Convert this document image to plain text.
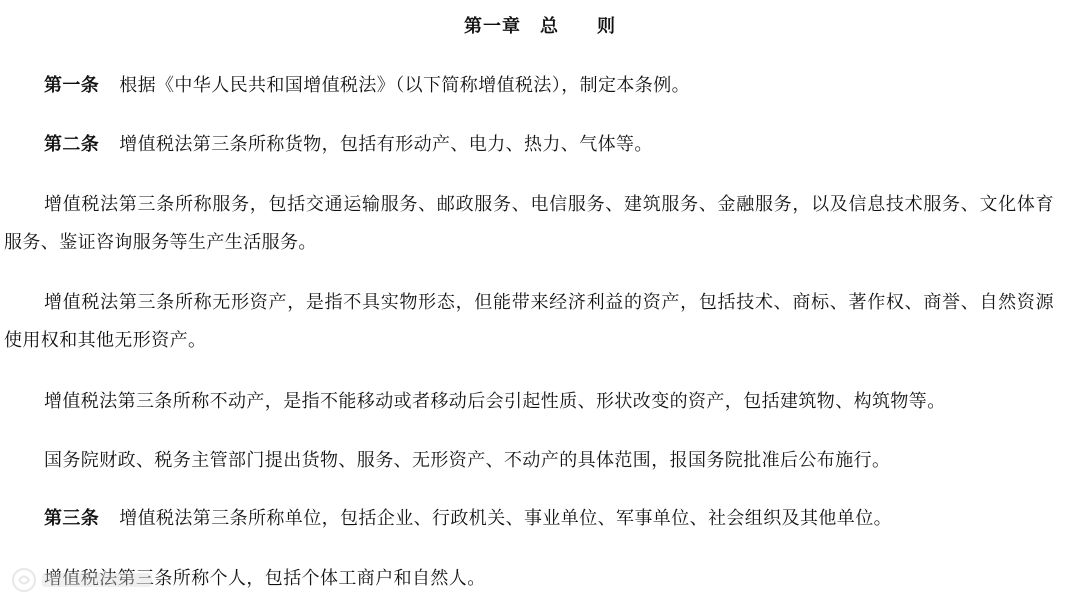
第一章　总　　则
第一条 根据《中华人民共和国增值税法》（以下简称增值税法），制定本条例。
第二条 增值税法第三条所称货物，包括有形动产、电力、热力、气体等。
增值税法第三条所称服务，包括交通运输服务、邮政服务、电信服务、建筑服务、金融服务，以及信息技术服务、文化体育服务、鉴证咨询服务等生产生活服务。
增值税法第三条所称无形资产，是指不具实物形态，但能带来经济利益的资产，包括技术、商标、著作权、商誉、自然资源使用权和其他无形资产。
增值税法第三条所称不动产，是指不能移动或者移动后会引起性质、形状改变的资产，包括建筑物、构筑物等。
国务院财政、税务主管部门提出货物、服务、无形资产、不动产的具体范围，报国务院批准后公布施行。
第三条 增值税法第三条所称单位，包括企业、行政机关、事业单位、军事单位、社会组织及其他单位。
增值税法第三条所称个人，包括个体工商户和自然人。
